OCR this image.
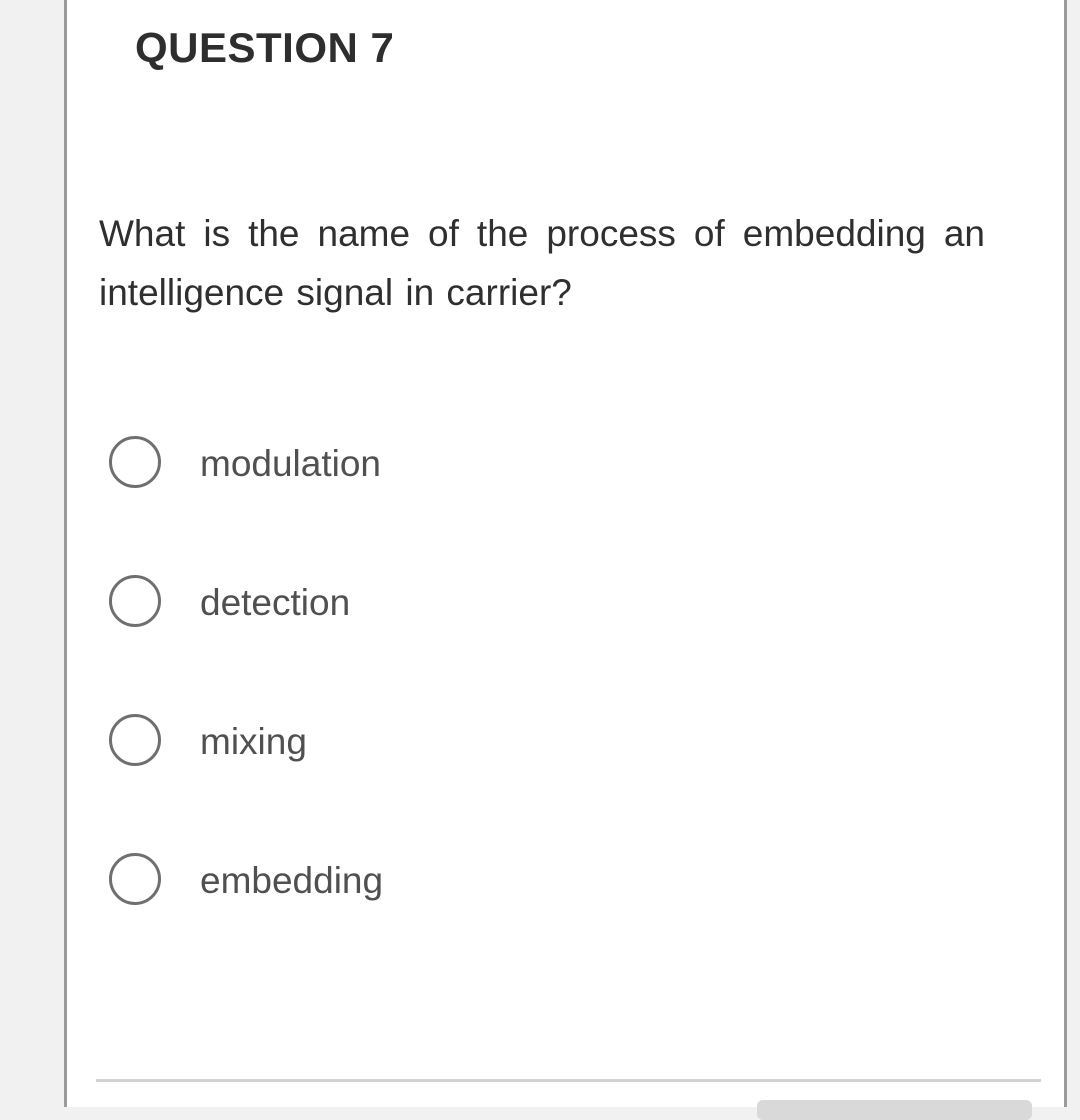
QUESTION 7

What is the name of the process of embedding an intelligence signal in carrier?

modulation
detection
mixing
embedding
